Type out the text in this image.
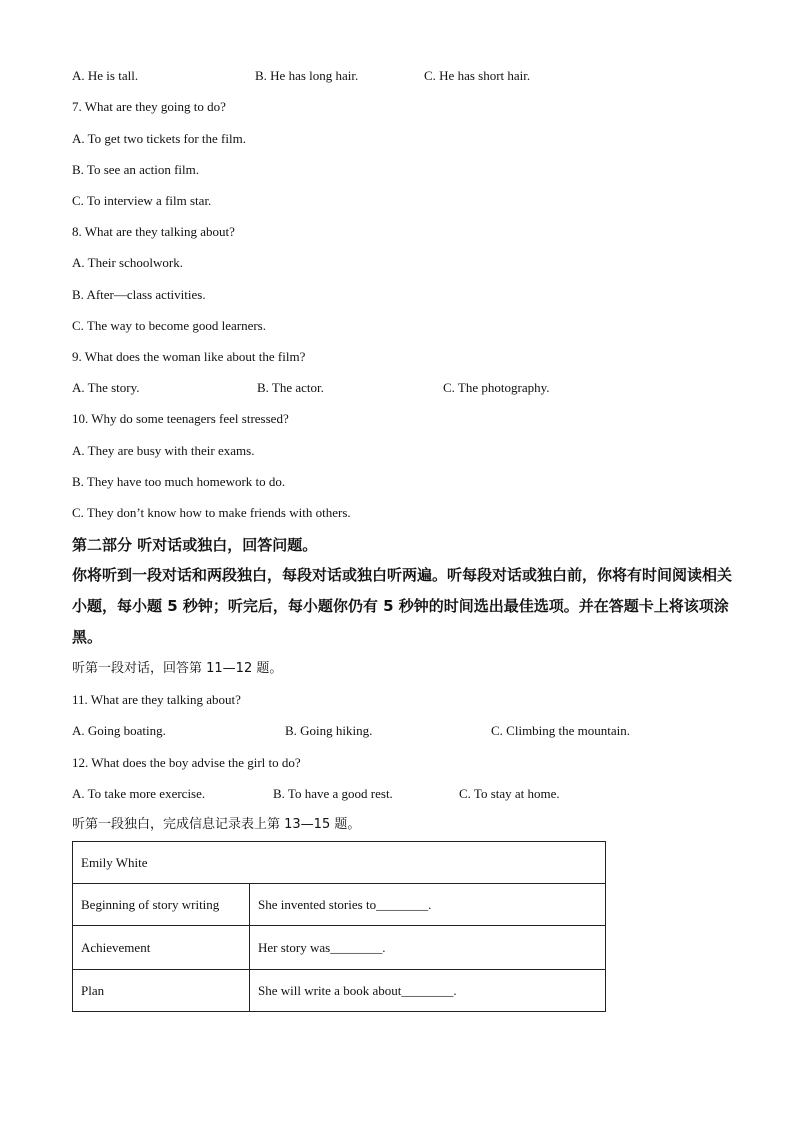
A. He is tall.	B. He has long hair.	C. He has short hair.
7. What are they going to do?
A. To get two tickets for the film.
B. To see an action film.
C. To interview a film star.
8. What are they talking about?
A. Their schoolwork.
B. After—class activities.
C. The way to become good learners.
9. What does the woman like about the film?
A. The story.	B. The actor.	C. The photography.
10. Why do some teenagers feel stressed?
A. They are busy with their exams.
B. They have too much homework to do.
C. They don’t know how to make friends with others.
第二部分 听对话或独白，回答问题。
你将听到一段对话和两段独白，每段对话或独白听两遍。听每段对话或独白前，你将有时间阅读相关小题，每小题 5 秒钟；听完后，每小题你仍有 5 秒钟的时间选出最佳选项。并在答题卡上将该项涂黑。
听第一段对话，回答第 11—12 题。
11. What are they talking about?
A. Going boating.	B. Going hiking.	C. Climbing the mountain.
12. What does the boy advise the girl to do?
A. To take more exercise.	B. To have a good rest.	C. To stay at home.
听第一段独白，完成信息记录表上第 13—15 题。
Emily White	
Beginning of story writing	She invented stories to________.
Achievement	Her story was________.
Plan	She will write a book about________.
